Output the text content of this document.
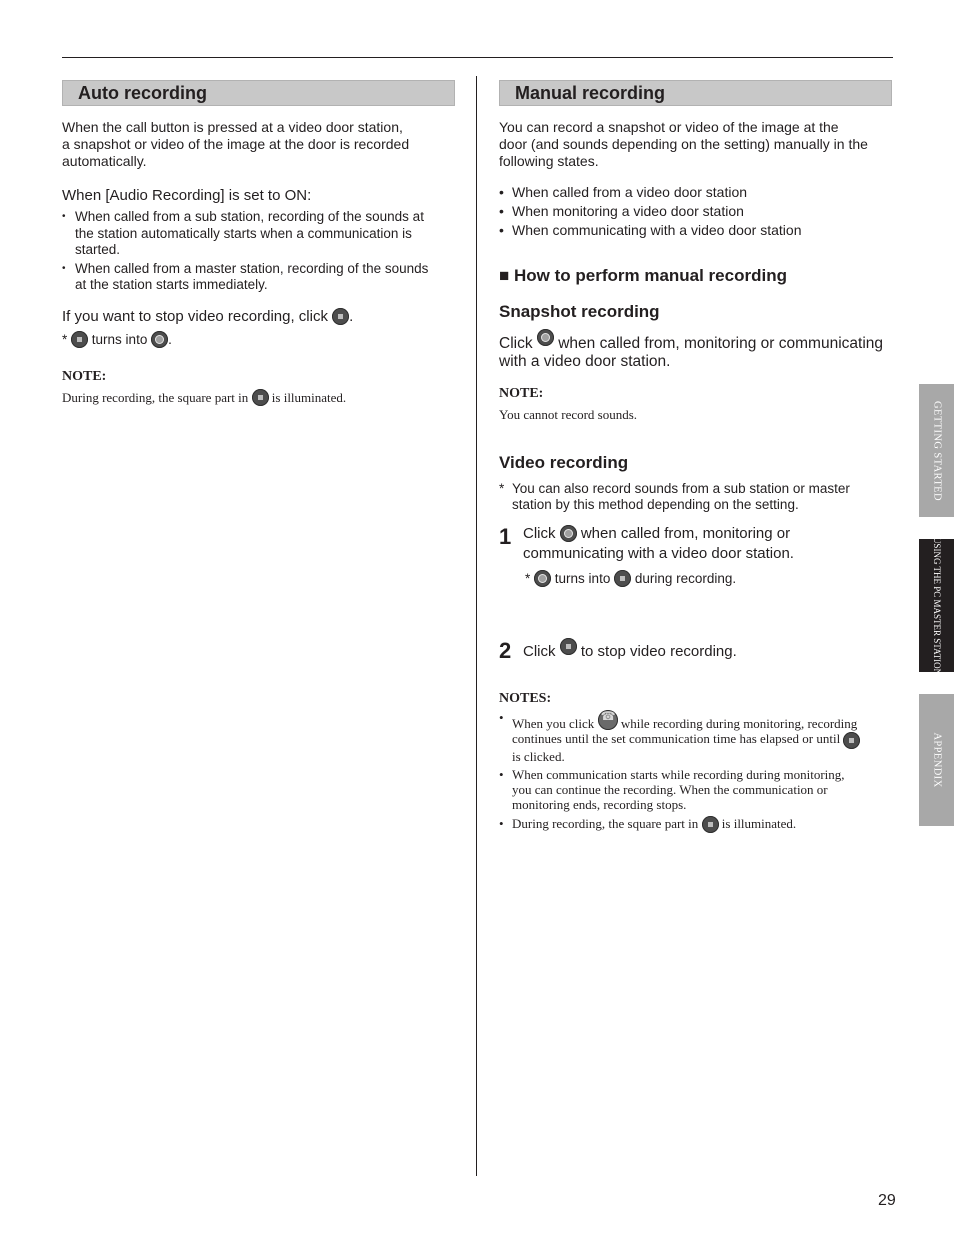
Auto recording
When the call button is pressed at a video door station,
a snapshot or video of the image at the door is recorded
automatically.
When [Audio Recording] is set to ON:
• When called from a sub station, recording of the sounds at
the station automatically starts when a communication is
started.
• When called from a master station, recording of the sounds
at the station starts immediately.
If you want to stop video recording, click .
* turns into .
NOTE:
During recording, the square part in is illuminated.
Manual recording
You can record a snapshot or video of the image at the
door (and sounds depending on the setting) manually in the
following states.
• When called from a video door station
• When monitoring a video door station
• When communicating with a video door station
■ How to perform manual recording
Snapshot recording
Click when called from, monitoring or communicating
with a video door station.
NOTE:
You cannot record sounds.
Video recording
* You can also record sounds from a sub station or master
station by this method depending on the setting.
1 Click when called from, monitoring or
communicating with a video door station.
* turns into during recording.
2 Click to stop video recording.
NOTES:
• When you click ☎ while recording during monitoring, recording
continues until the set communication time has elapsed or until
is clicked.
• When communication starts while recording during monitoring,
you can continue the recording. When the communication or
monitoring ends, recording stops.
• During recording, the square part in is illuminated.
GETTING STARTED
USING THE PC MASTER STATION
APPENDIX
29
